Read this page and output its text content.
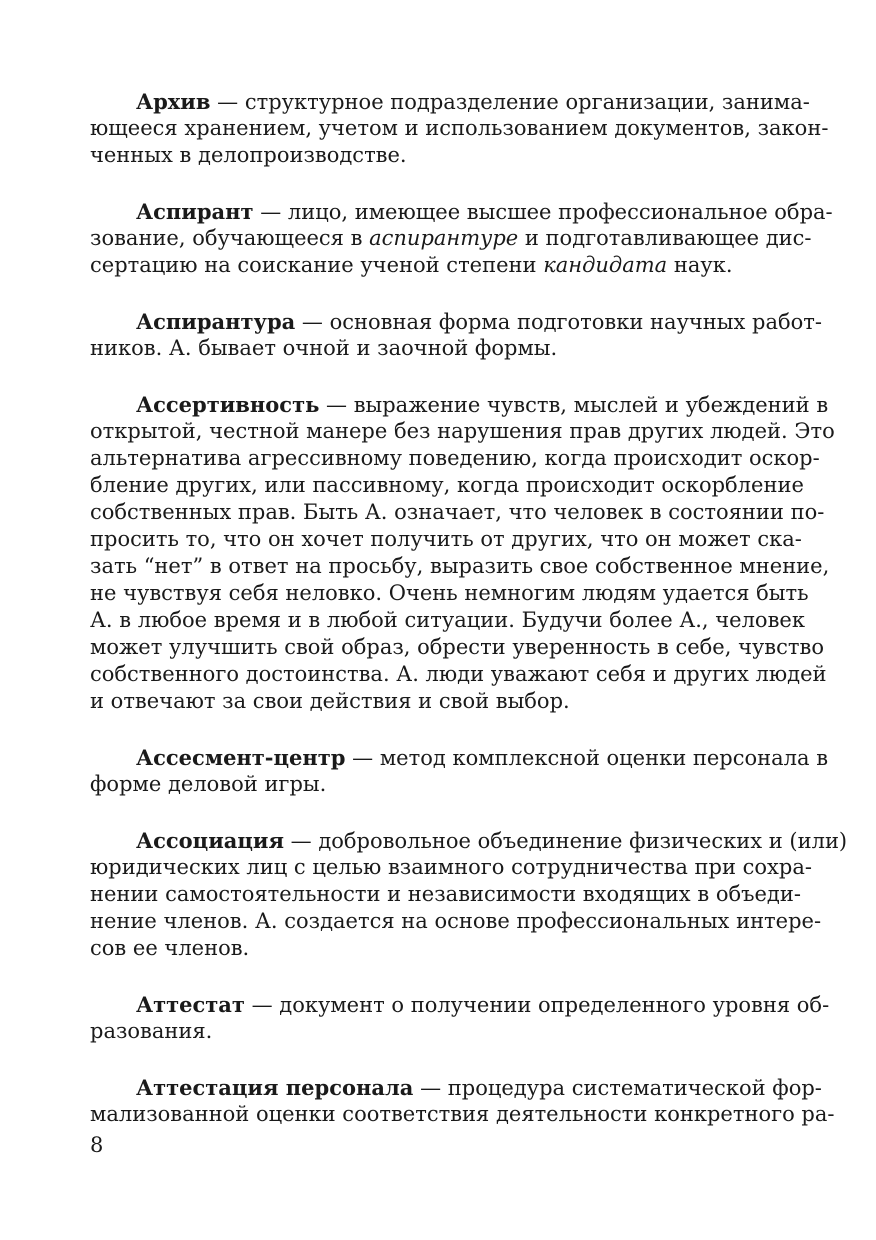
Архив — структурное подразделение организации, занима-
ющееся хранением, учетом и использованием документов, закон-
ченных в делопроизводстве.
Аспирант — лицо, имеющее высшее профессиональное обра-
зование, обучающееся в аспирантуре и подготавливающее дис-
сертацию на соискание ученой степени кандидата наук.
Аспирантура — основная форма подготовки научных работ-
ников. А. бывает очной и заочной формы.
Ассертивность — выражение чувств, мыслей и убеждений в
открытой, честной манере без нарушения прав других людей. Это
альтернатива агрессивному поведению, когда происходит оскор-
бление других, или пассивному, когда происходит оскорбление
собственных прав. Быть А. означает, что человек в состоянии по-
просить то, что он хочет получить от других, что он может ска-
зать “нет” в ответ на просьбу, выразить свое собственное мнение,
не чувствуя себя неловко. Очень немногим людям удается быть
А. в любое время и в любой ситуации. Будучи более А., человек
может улучшить свой образ, обрести уверенность в себе, чувство
собственного достоинства. А. люди уважают себя и других людей
и отвечают за свои действия и свой выбор.
Ассесмент-центр — метод комплексной оценки персонала в
форме деловой игры.
Ассоциация — добровольное объединение физических и (или)
юридических лиц с целью взаимного сотрудничества при сохра-
нении самостоятельности и независимости входящих в объеди-
нение членов. А. создается на основе профессиональных интере-
сов ее членов.
Аттестат — документ о получении определенного уровня об-
разования.
Аттестация персонала — процедура систематической фор-
мализованной оценки соответствия деятельности конкретного ра-
8
